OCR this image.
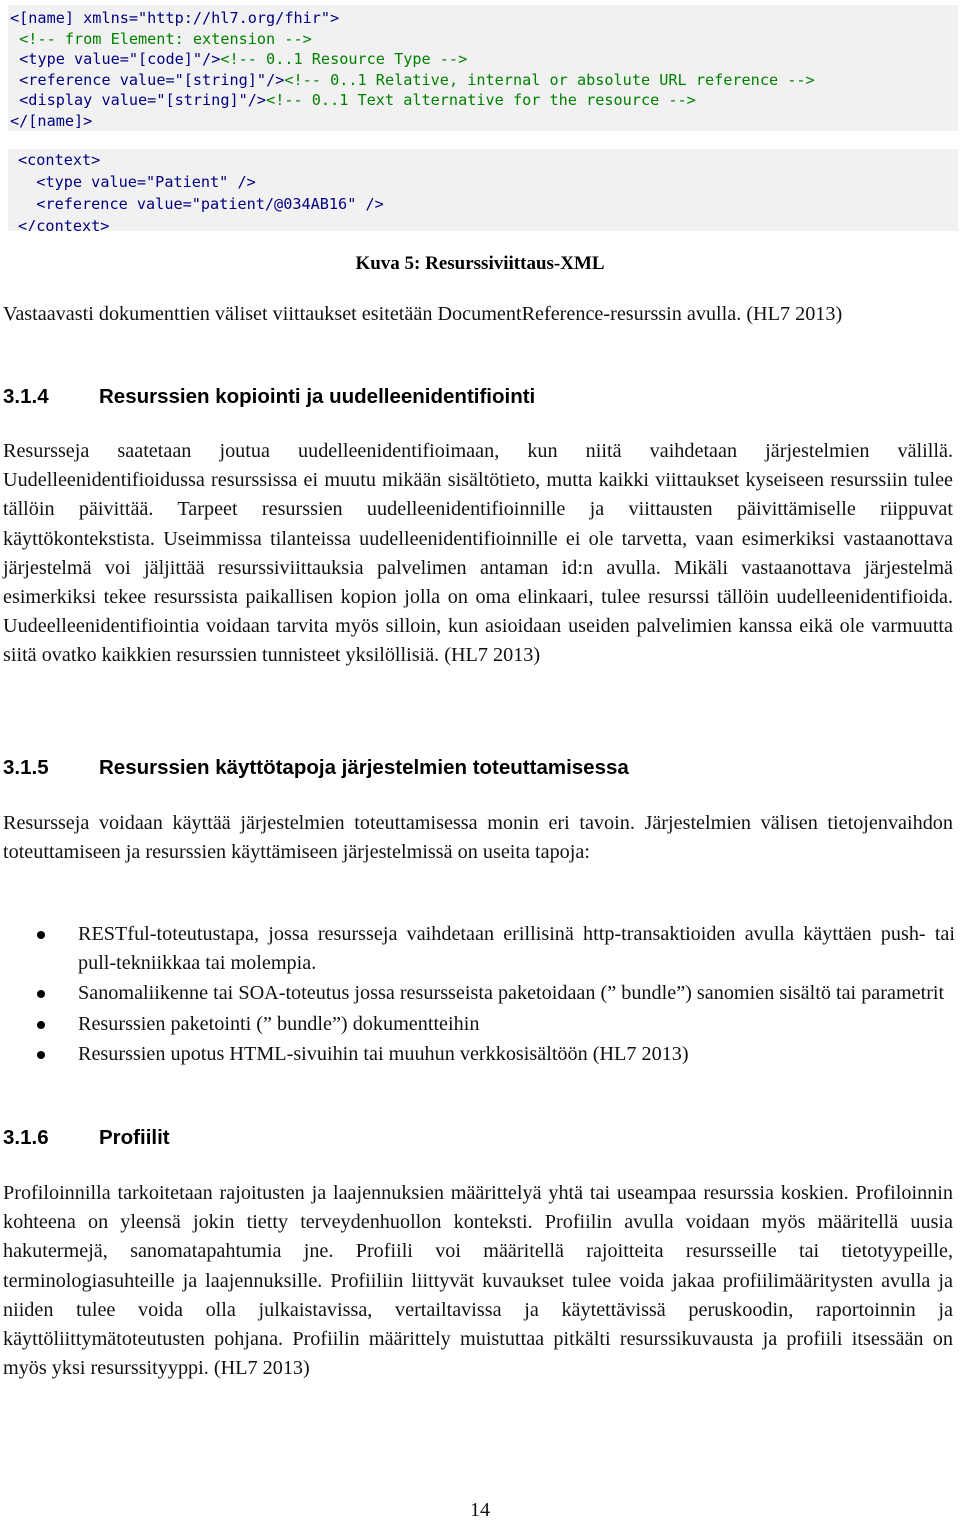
<[name] xmlns="http://hl7.org/fhir">
<!-- from Element: extension -->
<type value="[code]"/><!-- 0..1 Resource Type -->
<reference value="[string]"/><!-- 0..1 Relative, internal or absolute URL reference -->
<display value="[string]"/><!-- 0..1 Text alternative for the resource -->
</[name]>
<context>
<type value="Patient" />
<reference value="patient/@034AB16" />
</context>
Kuva 5: Resurssiviittaus-XML
Vastaavasti dokumenttien väliset viittaukset esitetään DocumentReference-resurssin avulla. (HL7 2013)
3.1.4 Resurssien kopiointi ja uudelleenidentifiointi
Resursseja saatetaan joutua uudelleenidentifioimaan, kun niitä vaihdetaan järjestelmien välillä. Uudelleenidentifioidussa resurssissa ei muutu mikään sisältötieto, mutta kaikki viittaukset kyseiseen resurssiin tulee tällöin päivittää. Tarpeet resurssien uudelleenidentifioinnille ja viittausten päivittämiselle riippuvat käyttökontekstista. Useimmissa tilanteissa uudelleenidentifioinnille ei ole tarvetta, vaan esimerkiksi vastaanottava järjestelmä voi jäljittää resurssiviittauksia palvelimen antaman id:n avulla. Mikäli vastaanottava järjestelmä esimerkiksi tekee resurssista paikallisen kopion jolla on oma elinkaari, tulee resurssi tällöin uudelleenidentifioida. Uudeelleenidentifiointia voidaan tarvita myös silloin, kun asioidaan useiden palvelimien kanssa eikä ole varmuutta siitä ovatko kaikkien resurssien tunnisteet yksilöllisiä. (HL7 2013)
3.1.5 Resurssien käyttötapoja järjestelmien toteuttamisessa
Resursseja voidaan käyttää järjestelmien toteuttamisessa monin eri tavoin. Järjestelmien välisen tietojenvaihdon toteuttamiseen ja resurssien käyttämiseen järjestelmissä on useita tapoja:
RESTful-toteutustapa, jossa resursseja vaihdetaan erillisinä http-transaktioiden avulla käyttäen push- tai pull-tekniikkaa tai molempia.
Sanomaliikenne tai SOA-toteutus jossa resursseista paketoidaan (” bundle”) sanomien sisältö tai parametrit
Resurssien paketointi (” bundle”) dokumentteihin
Resurssien upotus HTML-sivuihin tai muuhun verkkosisältöön (HL7 2013)
3.1.6 Profiilit
Profiloinnilla tarkoitetaan rajoitusten ja laajennuksien määrittelyä yhtä tai useampaa resurssia koskien. Profiloinnin kohteena on yleensä jokin tietty terveydenhuollon konteksti. Profiilin avulla voidaan myös määritellä uusia hakutermejä, sanomatapahtumia jne. Profiili voi määritellä rajoitteita resursseille tai tietotyypeille, terminologiasuhteille ja laajennuksille. Profiiliin liittyvät kuvaukset tulee voida jakaa profiilimääritysten avulla ja niiden tulee voida olla julkaistavissa, vertailtavissa ja käytettävissä peruskoodin, raportoinnin ja käyttöliittymätoteutusten pohjana. Profiilin määrittely muistuttaa pitkälti resurssikuvausta ja profiili itsessään on myös yksi resurssityyppi. (HL7 2013)
14
